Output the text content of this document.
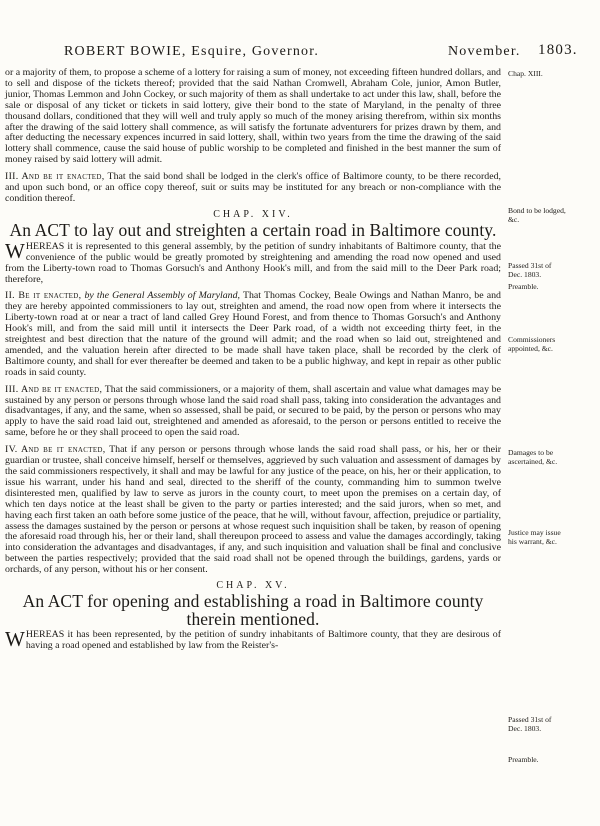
ROBERT BOWIE, Esquire, Governor.	November. 1803.

or a majority of them, to propose a scheme of a lottery for raising a sum of money, not exceeding fifteen hundred dollars, and to sell and dispose of the tickets thereof; provided that the said Nathan Cromwell, Abraham Cole, junior, Amon Butler, junior, Thomas Lemmon and John Cockey, or such majority of them as shall undertake to act under this law, shall, before the sale or disposal of any ticket or tickets in said lottery, give their bond to the state of Maryland, in the penalty of three thousand dollars, conditioned that they will well and truly apply so much of the money arising therefrom, within six months after the drawing of the said lottery shall commence, as will satisfy the fortunate adventurers for prizes drawn by them, and after deducting the necessary expences incurred in said lottery, shall, within two years from the time the drawing of the said lottery shall commence, cause the said house of public worship to be completed and finished in the best manner the sum of money raised by said lottery will admit.

III. And be it enacted, That the said bond shall be lodged in the clerk's office of Baltimore county, to be there recorded, and upon such bond, or an office copy thereof, suit or suits may be instituted for any breach or non-compliance with the condition thereof.

CHAP. XIV.
An ACT to lay out and streighten a certain road in Baltimore county.

WHEREAS it is represented to this general assembly, by the petition of sundry inhabitants of Baltimore county, that the convenience of the public would be greatly promoted by streightening and amending the road now opened and used from the Liberty-town road to Thomas Gorsuch's and Anthony Hook's mill, and from the said mill to the Deer Park road; therefore,

II. Be it enacted, by the General Assembly of Maryland, That Thomas Cockey, Beale Owings and Nathan Manro, be and they are hereby appointed commissioners to lay out, streighten and amend, the road now open from where it intersects the Liberty-town road at or near a tract of land called Grey Hound Forest, and from thence to Thomas Gorsuch's and Anthony Hook's mill, and from the said mill until it intersects the Deer Park road, of a width not exceeding thirty feet, in the streightest and best direction that the nature of the ground will admit; and the road when so laid out, streightened and amended, and the valuation herein after directed to be made shall have taken place, shall be recorded by the clerk of Baltimore county, and shall for ever thereafter be deemed and taken to be a public highway, and kept in repair as other public roads in said county.

III. And be it enacted, That the said commissioners, or a majority of them, shall ascertain and value what damages may be sustained by any person or persons through whose land the said road shall pass, taking into consideration the advantages and disadvantages, if any, and the same, when so assessed, shall be paid, or secured to be paid, by the person or persons who may apply to have the said road laid out, streightened and amended as aforesaid, to the person or persons entitled to receive the same, before he or they shall proceed to open the said road.

IV. And be it enacted, That if any person or persons through whose lands the said road shall pass, or his, her or their guardian or trustee, shall conceive himself, herself or themselves, aggrieved by such valuation and assessment of damages by the said commissioners respectively, it shall and may be lawful for any justice of the peace, on his, her or their application, to issue his warrant, under his hand and seal, directed to the sheriff of the county, commanding him to summon twelve disinterested men, qualified by law to serve as jurors in the county court, to meet upon the premises on a certain day, of which ten days notice at the least shall be given to the party or parties interested; and the said jurors, when so met, and having each first taken an oath before some justice of the peace, that he will, without favour, affection, prejudice or partiality, assess the damages sustained by the person or persons at whose request such inquisition shall be taken, by reason of opening the aforesaid road through his, her or their land, shall thereupon proceed to assess and value the damages accordingly, taking into consideration the advantages and disadvantages, if any, and such inquisition and valuation shall be final and conclusive between the parties respectively; provided that the said road shall not be opened through the buildings, gardens, yards or orchards, of any person, without his or her consent.

CHAP. XV.
An ACT for opening and establishing a road in Baltimore county therein mentioned.

WHEREAS it has been represented, by the petition of sundry inhabitants of Baltimore county, that they are desirous of having a road opened and established by law from the Reister's-

Chap. XIII.
Bond to be lodged, &c.
Passed 31st of Dec. 1803.
Preamble.
Commissioners appointed, &c.
Damages to be ascertained, &c.
Justice may issue his warrant, &c.
Passed 31st of Dec. 1803.
Preamble.
